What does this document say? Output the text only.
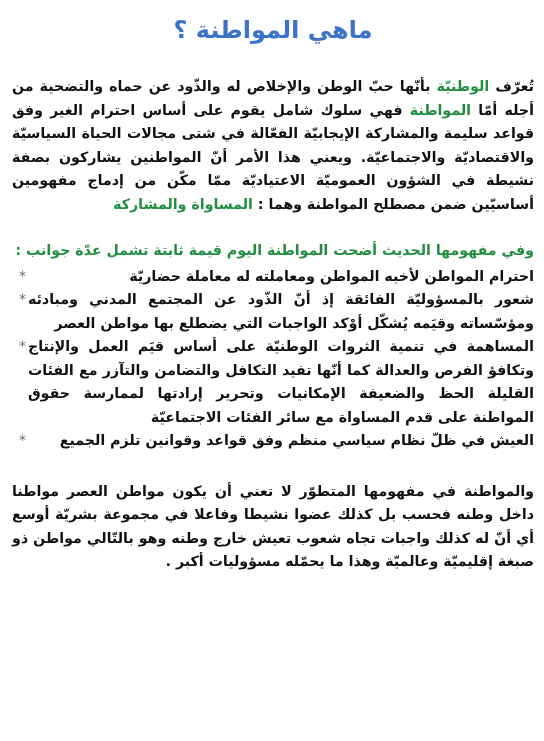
ماهي المواطنة ؟

تُعرّف الوطنيّة بأنّها حبّ الوطن والإخلاص له والذّود عن حماه والتضحية من أجله أمّا المواطنة فهي سلوك شامل يقوم على أساس احترام الغير وفق قواعد سليمة والمشاركة الإيجابيّة الفعّالة في شتى مجالات الحياة السياسيّة والاقتصاديّة والاجتماعيّة. ويعني هذا الأمر أنّ المواطنين يشاركون بصفة نشيطة في الشؤون العموميّة الاعتياديّة ممّا مكّن من إدماج مفهومين أساسيّين ضمن مصطلح المواطنة وهما : المساواة والمشاركة

وفي مفهومها الحديث أضحت المواطنة اليوم قيمة ثابتة تشمل عدّة جوانب :

*	احترام المواطن لأخيه المواطن ومعاملته له معاملة حضاريّة
* شعور بالمسؤوليّة الفائقة إذ أنّ الذّود عن المجتمع المدني ومبادئه ومؤسّساته وقيَمه يُشكّل أوْكد الواجبات التي يضطلع بها مواطن العصر
* المساهمة في تنمية الثروات الوطنيّة على أساس قيَم العمل والإنتاج وتكافؤ الفرص والعدالة كما أنّها تفيد التكافل والتضامن والتآزر مع الفئات القليلة الحظ والضعيفة الإمكانيات وتحرير إرادتها لممارسة حقوق المواطنة على قدم المساواة مع سائر الفئات الاجتماعيّة
* العيش في ظلّ نظام سياسي منظم وفق قواعد وقوانين تلزم الجميع

والمواطنة في مفهومها المتطوّر لا تعني أن يكون مواطن العصر مواطنا داخل وطنه فحسب بل كذلك عضوا نشيطا وفاعلا في مجموعة بشريّة أوسع أي أنّ له كذلك واجبات تجاه شعوب تعيش خارج وطنه وهو بالتّالي مواطن ذو صبغة إقليميّة وعالميّة وهذا ما يحمّله مسؤوليات أكبر .
